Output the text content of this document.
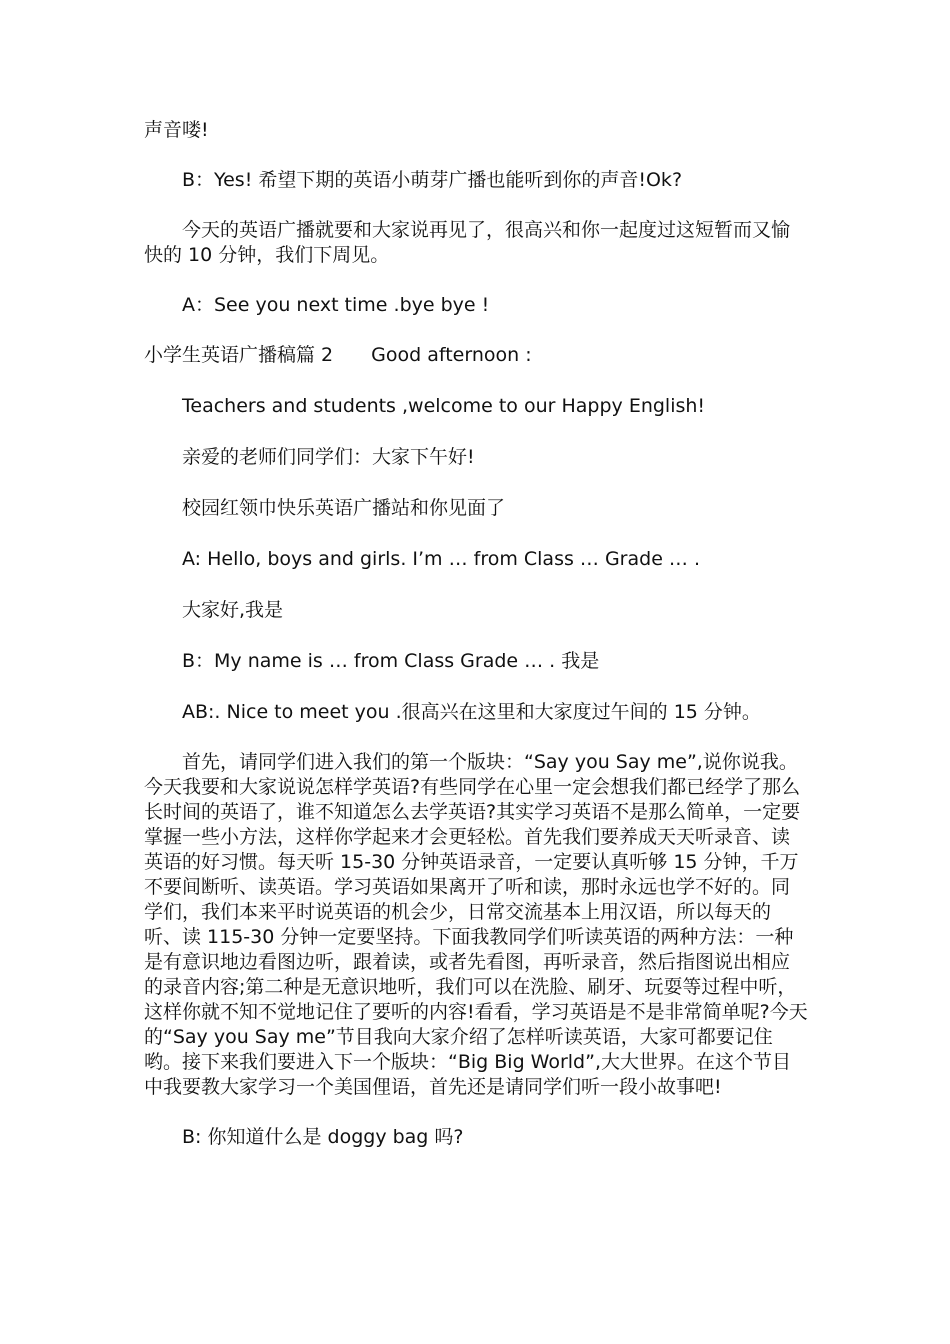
声音喽!

B：Yes! 希望下期的英语小萌芽广播也能听到你的声音!Ok?

今天的英语广播就要和大家说再见了，很高兴和你一起度过这短暂而又愉快的 10 分钟，我们下周见。

A：See you next time .bye bye !

小学生英语广播稿篇 2　　Good afternoon :

Teachers and students ,welcome to our Happy English!

亲爱的老师们同学们：大家下午好!

校园红领巾快乐英语广播站和你见面了

A: Hello, boys and girls. I’m … from Class … Grade … .

大家好,我是

B：My name is … from Class Grade … . 我是

AB:. Nice to meet you .很高兴在这里和大家度过午间的 15 分钟。

首先，请同学们进入我们的第一个版块：“Say you Say me”,说你说我。今天我要和大家说说怎样学英语?有些同学在心里一定会想我们都已经学了那么长时间的英语了，谁不知道怎么去学英语?其实学习英语不是那么简单，一定要掌握一些小方法，这样你学起来才会更轻松。首先我们要养成天天听录音、读英语的好习惯。每天听 15-30 分钟英语录音，一定要认真听够 15 分钟，千万不要间断听、读英语。学习英语如果离开了听和读，那时永远也学不好的。同学们，我们本来平时说英语的机会少，日常交流基本上用汉语，所以每天的听、读 115-30 分钟一定要坚持。下面我教同学们听读英语的两种方法：一种是有意识地边看图边听，跟着读，或者先看图，再听录音，然后指图说出相应的录音内容;第二种是无意识地听，我们可以在洗脸、刷牙、玩耍等过程中听，这样你就不知不觉地记住了要听的内容!看看，学习英语是不是非常简单呢?今天的“Say you Say me”节目我向大家介绍了怎样听读英语，大家可都要记住哟。接下来我们要进入下一个版块：“Big Big World”,大大世界。在这个节目中我要教大家学习一个美国俚语，首先还是请同学们听一段小故事吧!

B: 你知道什么是 doggy bag 吗?
